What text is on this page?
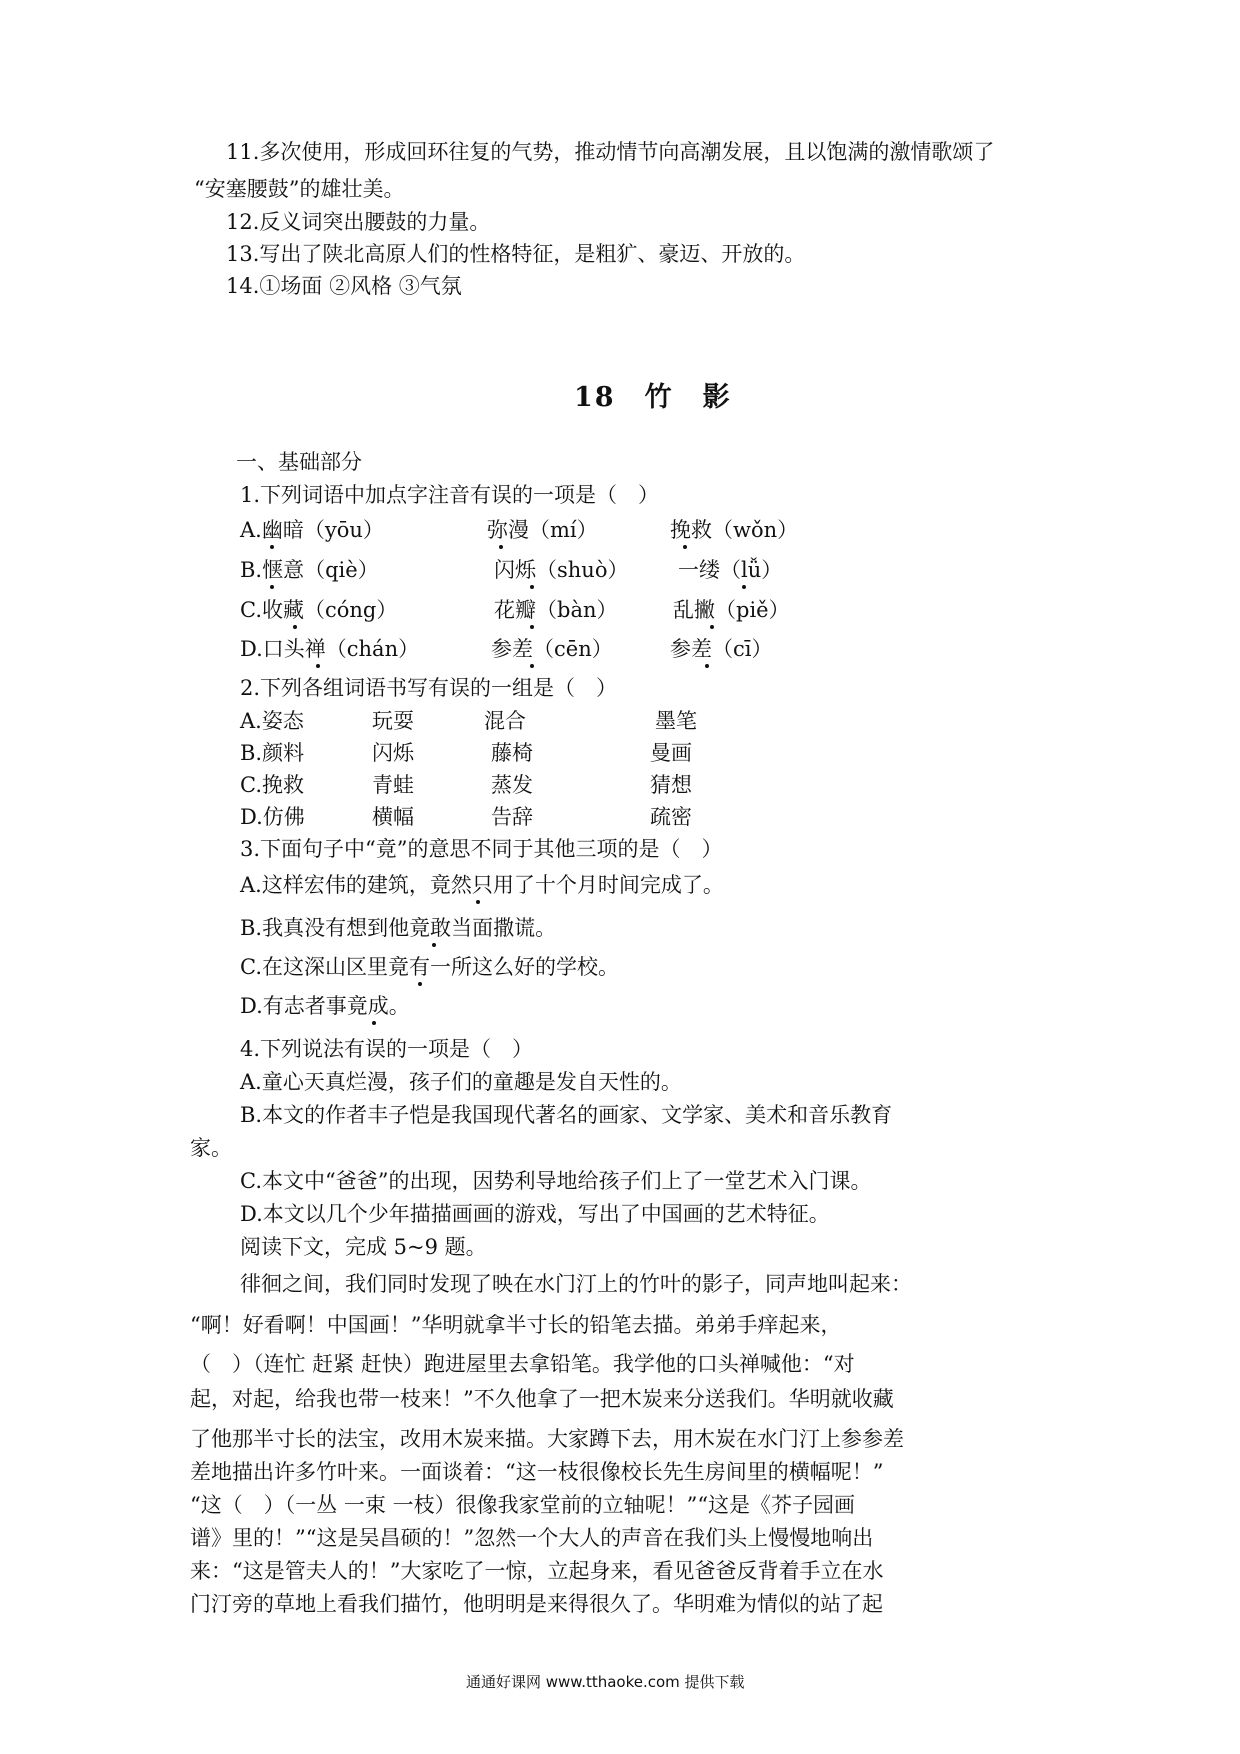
11.多次使用，形成回环往复的气势，推动情节向高潮发展，且以饱满的激情歌颂了
“安塞腰鼓”的雄壮美。
12.反义词突出腰鼓的力量。
13.写出了陕北高原人们的性格特征，是粗犷、豪迈、开放的。
14.①场面 ②风格 ③气氛
18　竹　影
一、基础部分
1.下列词语中加点字注音有误的一项是（　）
A.幽暗（yōu）	弥漫（mí）	挽救（wǒn）
B.惬意（qiè）	闪烁（shuò） 一缕（lǚ）
C.收藏（cóng）	花瓣（bàn）	乱撇（piě）
D.口头禅（chán）	参差（cēn）	参差（cī）
2.下列各组词语书写有误的一组是（　）
A.姿态	玩耍	混合	墨笔
B.颜料	闪烁	藤椅	曼画
C.挽救	青蛙	蒸发	猜想
D.仿佛	横幅	告辞	疏密
3.下面句子中“竟”的意思不同于其他三项的是（　）
A.这样宏伟的建筑，竟然只用了十个月时间完成了。
B.我真没有想到他竟敢当面撒谎。
C.在这深山区里竟有一所这么好的学校。
D.有志者事竟成。
4.下列说法有误的一项是（　）
A.童心天真烂漫，孩子们的童趣是发自天性的。
B.本文的作者丰子恺是我国现代著名的画家、文学家、美术和音乐教育
家。
C.本文中“爸爸”的出现，因势利导地给孩子们上了一堂艺术入门课。
D.本文以几个少年描描画画的游戏，写出了中国画的艺术特征。
阅读下文，完成 5~9 题。
徘徊之间，我们同时发现了映在水门汀上的竹叶的影子，同声地叫起来：
“啊！好看啊！中国画！”华明就拿半寸长的铅笔去描。弟弟手痒起来，
（　）（连忙 赶紧 赶快）跑进屋里去拿铅笔。我学他的口头禅喊他：“对
起，对起，给我也带一枝来！”不久他拿了一把木炭来分送我们。华明就收藏
了他那半寸长的法宝，改用木炭来描。大家蹲下去，用木炭在水门汀上参参差
差地描出许多竹叶来。一面谈着：“这一枝很像校长先生房间里的横幅呢！”
“这（　）（一丛 一束 一枝）很像我家堂前的立轴呢！”“这是《芥子园画
谱》里的！”“这是吴昌硕的！”忽然一个大人的声音在我们头上慢慢地响出
来：“这是管夫人的！”大家吃了一惊，立起身来，看见爸爸反背着手立在水
门汀旁的草地上看我们描竹，他明明是来得很久了。华明难为情似的站了起
通通好课网 www.tthaoke.com 提供下载
